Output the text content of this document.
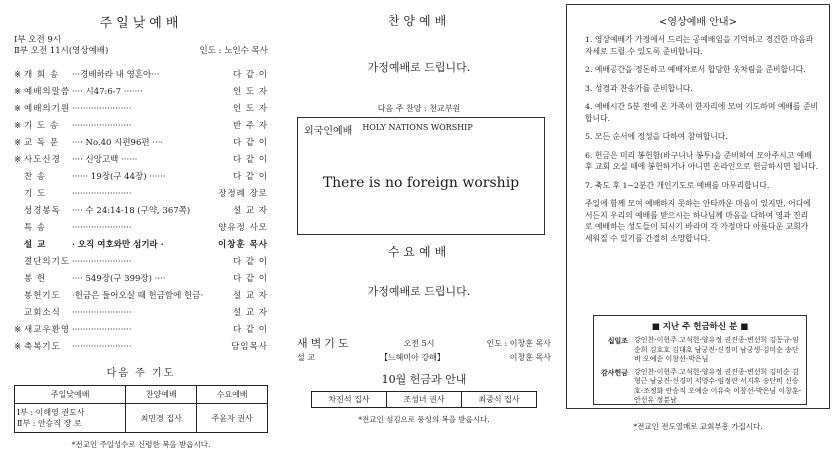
주일낮예배
Ⅰ부 오전 9시
Ⅱ부 오전 11시(영상예배)	인도 : 노인수 목사
※ 개 회 송	···경배하라 내 영혼아···	다 같 이
※ 예배의말씀 ···· 시47:6-7 ·······	인 도 자
※ 예배의기원 ······················	인 도 자
※ 기 도 송	······················	반 주 자
※ 교 독 문	···· No.40 시편96편 ····	다 같 이
※ 사도신경	···· 신앙고백 ······	다 같 이
찬 송	······ 19장(구 44장) ······	다 같 이
기 도	······················	장정례 장로
성경봉독	···· 수 24:14-18 (구약, 367쪽)	설 교 자
특 송	······················	양유정 사모
설 교	· 오직 여호와만 섬기라 ·	이창훈 목사
결단의기도 ······················	다 같 이
봉 헌	···· 549장(구 399장) ····	다 같 이
봉헌기도	·헌금은 들어오실 때 헌금함에 헌금·	설 교 자
교회소식	······················	설 교 자
※ 새교우환영 ······················	다 같 이
※ 축복기도	······················	담임목사
다음 주 기도
주일낮예배	찬양예배	수요예배
Ⅰ부 : 이해영 권도사
Ⅱ부 : 안승직 장 로	최민경 집사	주윤자 권사
*전교인 주일성수로 신령한 복을 받읍시다.
찬양예배
가정예배로 드립니다.
다음 주 찬양 : 천교부원
외국인예배 HOLY NATIONS WORSHIP
There is no foreign worship
수요예배
가정예배로 드립니다.
새벽기도	오전 5시	인도 : 이창훈 목사
설 교	【느헤미아 강해】	이창훈 목사
10월 헌금과 안내
차진석 집사	조성녀 권사	최중식 집사
*전교인 섬김으로 풍성의 복을 받읍시다.
<영상예배 안내>
1. 영상예배가 가정에서 드리는 공예배임을 기억하고 경건한 마음과 자세로 드릴 수 있도록 준비합니다.
2. 예배공간을 정돈하고 예배자로서 합당한 옷차림을 준비합니다.
3. 성경과 찬송가를 준비합니다.
4. 예배시간 5분 전에 온 가족이 한자리에 모여 기도하며 예배를 준비합니다.
5. 모든 순서에 정성을 다하여 참여합니다.
6. 헌금은 미리 봉헌함(바구니나 봉투)을 준비하여 모아주시고 예배 후 교회 오실 때에 봉헌하거나 아니면 온라인으로 헌금하시면 됩니다.
7. 축도 후 1~2분간 개인기도로 예배를 마무리합니다.
주일에 함께 모여 예배하지 못하는 안타까운 마음이 있지만, 어디에서든지 우리의 예배를 받으시는 하나님께 마음을 다하여 영과 진리로 예배하는 성도들이 되시기 바라며 각 가정마다 아름다운 교회가 세워질 수 있기를 간절히 소망합니다.
■ 지난 주 헌금하신 분 ■
십일조 강인찬-이현주 고석헌-양유정 권진종-변선희 김동규-임순희 김호호 김대호 남궁진-신경미 남궁생-김미순 송단비 오예순 이창선-박은님
감사헌금 강인찬-이현주 고석헌-양유정 권진종-변선희 김미순 김형근 남궁진-신경미 서영수-임정란 서지후 송단비 신승호-조정화 안승직 오예순 이유숙 이창선-박은님 이창훈-안선유 정분남
*전교인 전도열매로 교회부흥 가집시다.
